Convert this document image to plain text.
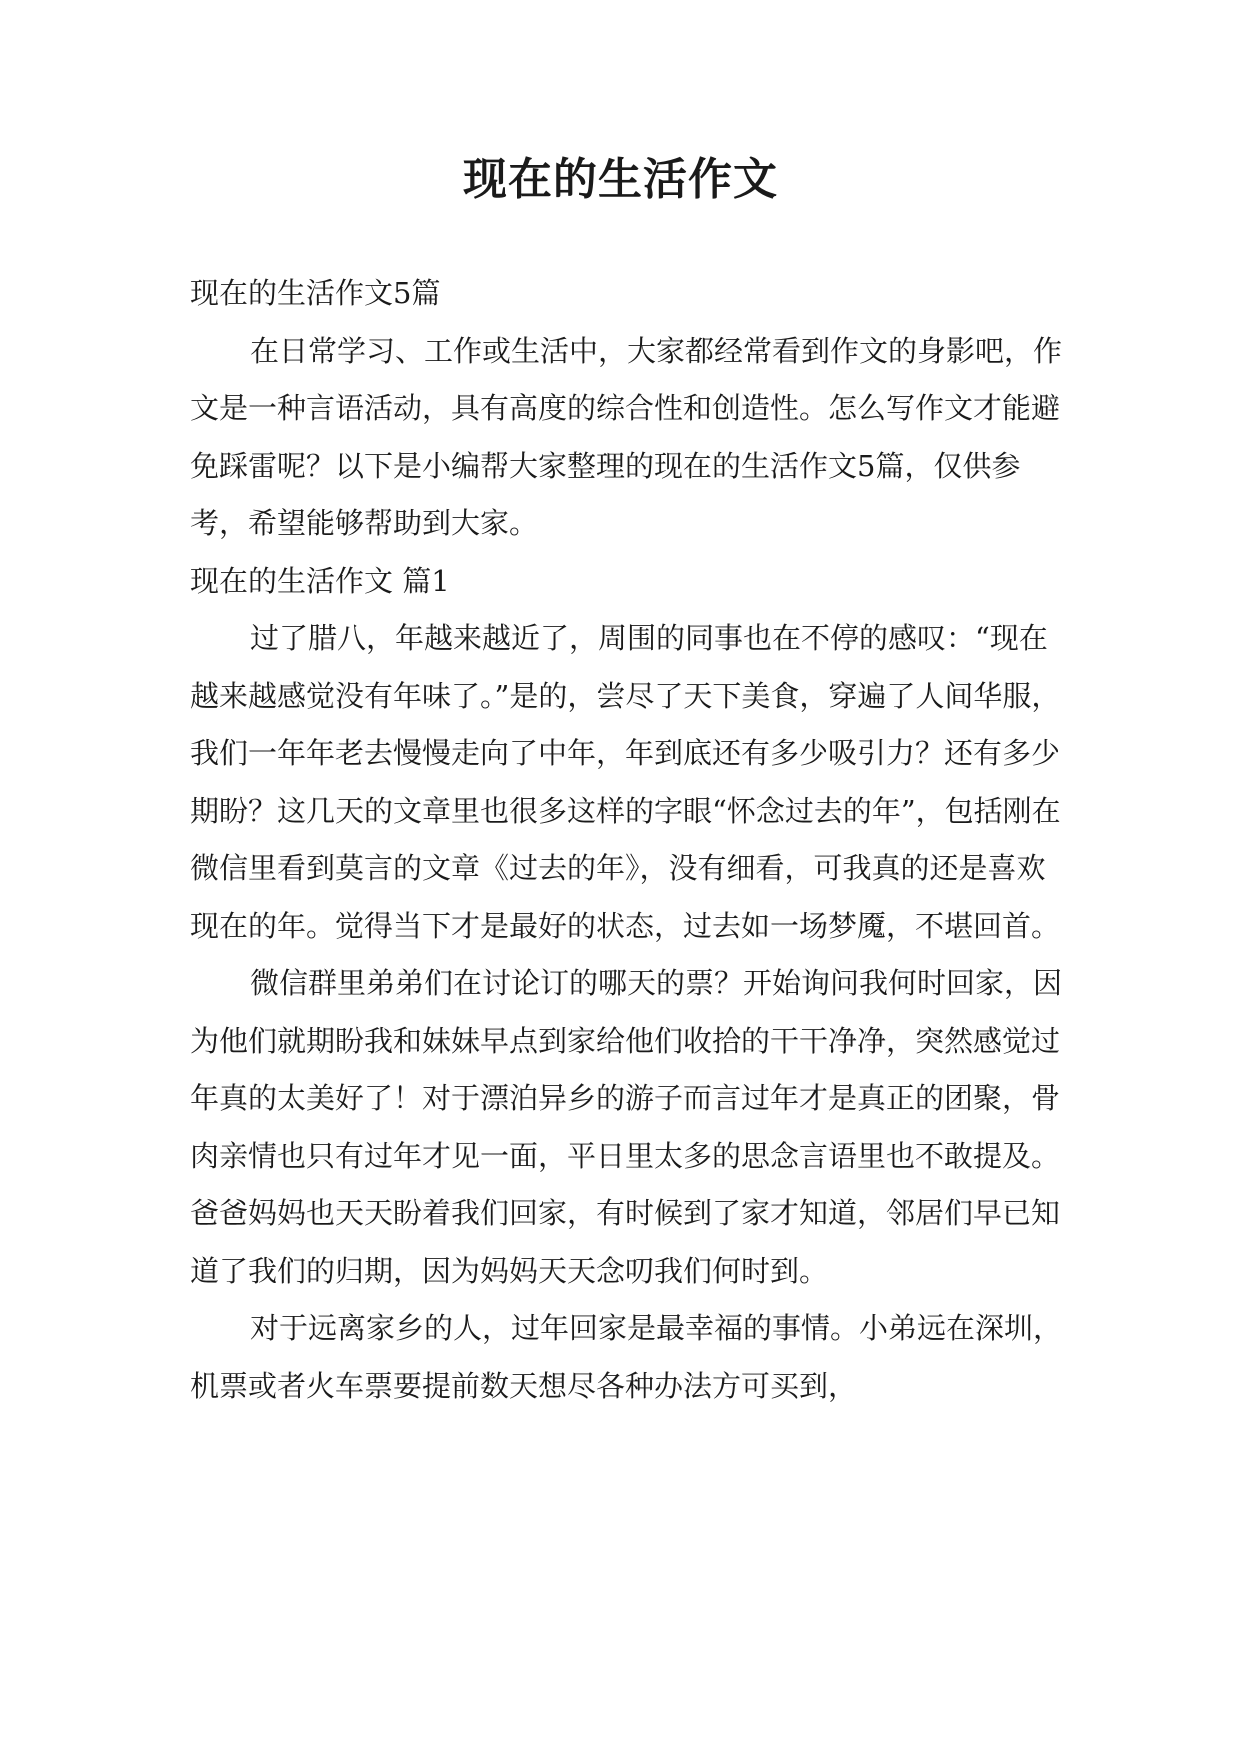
现在的生活作文

现在的生活作文5篇

在日常学习、工作或生活中，大家都经常看到作文的身影吧，作文是一种言语活动，具有高度的综合性和创造性。怎么写作文才能避免踩雷呢？以下是小编帮大家整理的现在的生活作文5篇，仅供参考，希望能够帮助到大家。

现在的生活作文 篇1

过了腊八，年越来越近了，周围的同事也在不停的感叹：“现在越来越感觉没有年味了。”是的，尝尽了天下美食，穿遍了人间华服，我们一年年老去慢慢走向了中年，年到底还有多少吸引力？还有多少期盼？这几天的文章里也很多这样的字眼“怀念过去的年”，包括刚在微信里看到莫言的文章《过去的年》，没有细看，可我真的还是喜欢现在的年。觉得当下才是最好的状态，过去如一场梦魇，不堪回首。

微信群里弟弟们在讨论订的哪天的票？开始询问我何时回家，因为他们就期盼我和妹妹早点到家给他们收拾的干干净净，突然感觉过年真的太美好了！对于漂泊异乡的游子而言过年才是真正的团聚，骨肉亲情也只有过年才见一面，平日里太多的思念言语里也不敢提及。爸爸妈妈也天天盼着我们回家，有时候到了家才知道，邻居们早已知道了我们的归期，因为妈妈天天念叨我们何时到。

对于远离家乡的人，过年回家是最幸福的事情。小弟远在深圳，机票或者火车票要提前数天想尽各种办法方可买到，
